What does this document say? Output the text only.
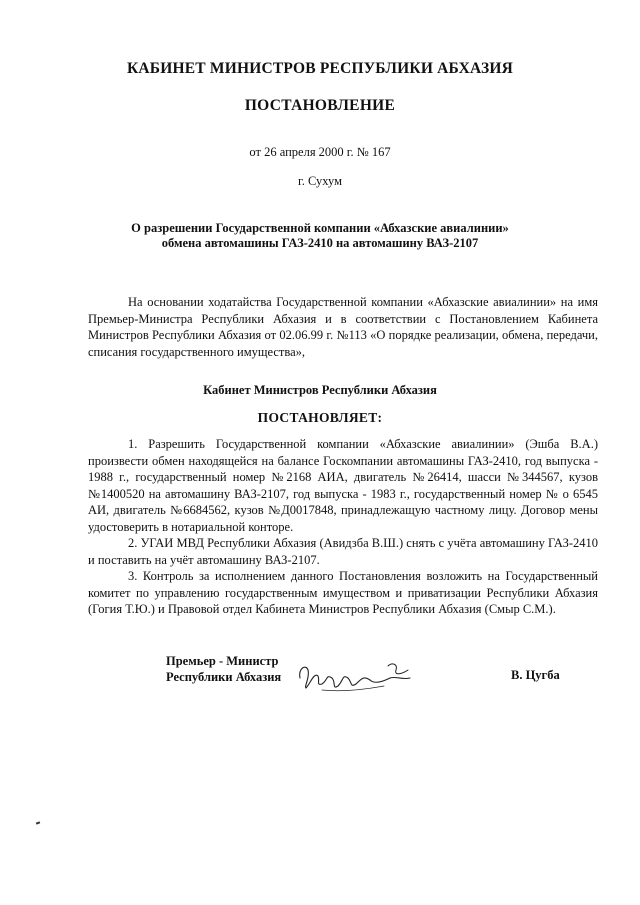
КАБИНЕТ МИНИСТРОВ РЕСПУБЛИКИ АБХАЗИЯ
ПОСТАНОВЛЕНИЕ
от 26 апреля 2000 г. № 167
г. Сухум
О разрешении Государственной компании «Абхазские авиалинии»
обмена автомашины ГАЗ-2410 на автомашину ВАЗ-2107
На основании ходатайства Государственной компании «Абхазские авиалинии» на имя Премьер-Министра Республики Абхазия и в соответствии с Постановлением Кабинета Министров Республики Абхазия от 02.06.99 г. №113 «О порядке реализации, обмена, передачи, списания государственного имущества»,
Кабинет Министров Республики Абхазия
ПОСТАНОВЛЯЕТ:

1. Разрешить Государственной компании «Абхазские авиалинии» (Эшба В.А.) произвести обмен находящейся на балансе Госкомпании автомашины ГАЗ-2410, год выпуска - 1988 г., государственный номер №2168 АИА, двигатель №26414, шасси №344567, кузов №1400520 на автомашину ВАЗ-2107, год выпуска - 1983 г., государственный номер № о 6545 АИ, двигатель №6684562, кузов №Д0017848, принадлежащую частному лицу. Договор мены удостоверить в нотариальной конторе.

2. УГАИ МВД Республики Абхазия (Авидзба В.Ш.) снять с учёта автомашину ГАЗ-2410 и поставить на учёт автомашину ВАЗ-2107.

3. Контроль за исполнением данного Постановления возложить на Государственный комитет по управлению государственным имуществом и приватизации Республики Абхазия (Гогия Т.Ю.) и Правовой отдел Кабинета Министров Республики Абхазия (Смыр С.М.).

Премьер - Министр
Республики Абхазия	В. Цугба
